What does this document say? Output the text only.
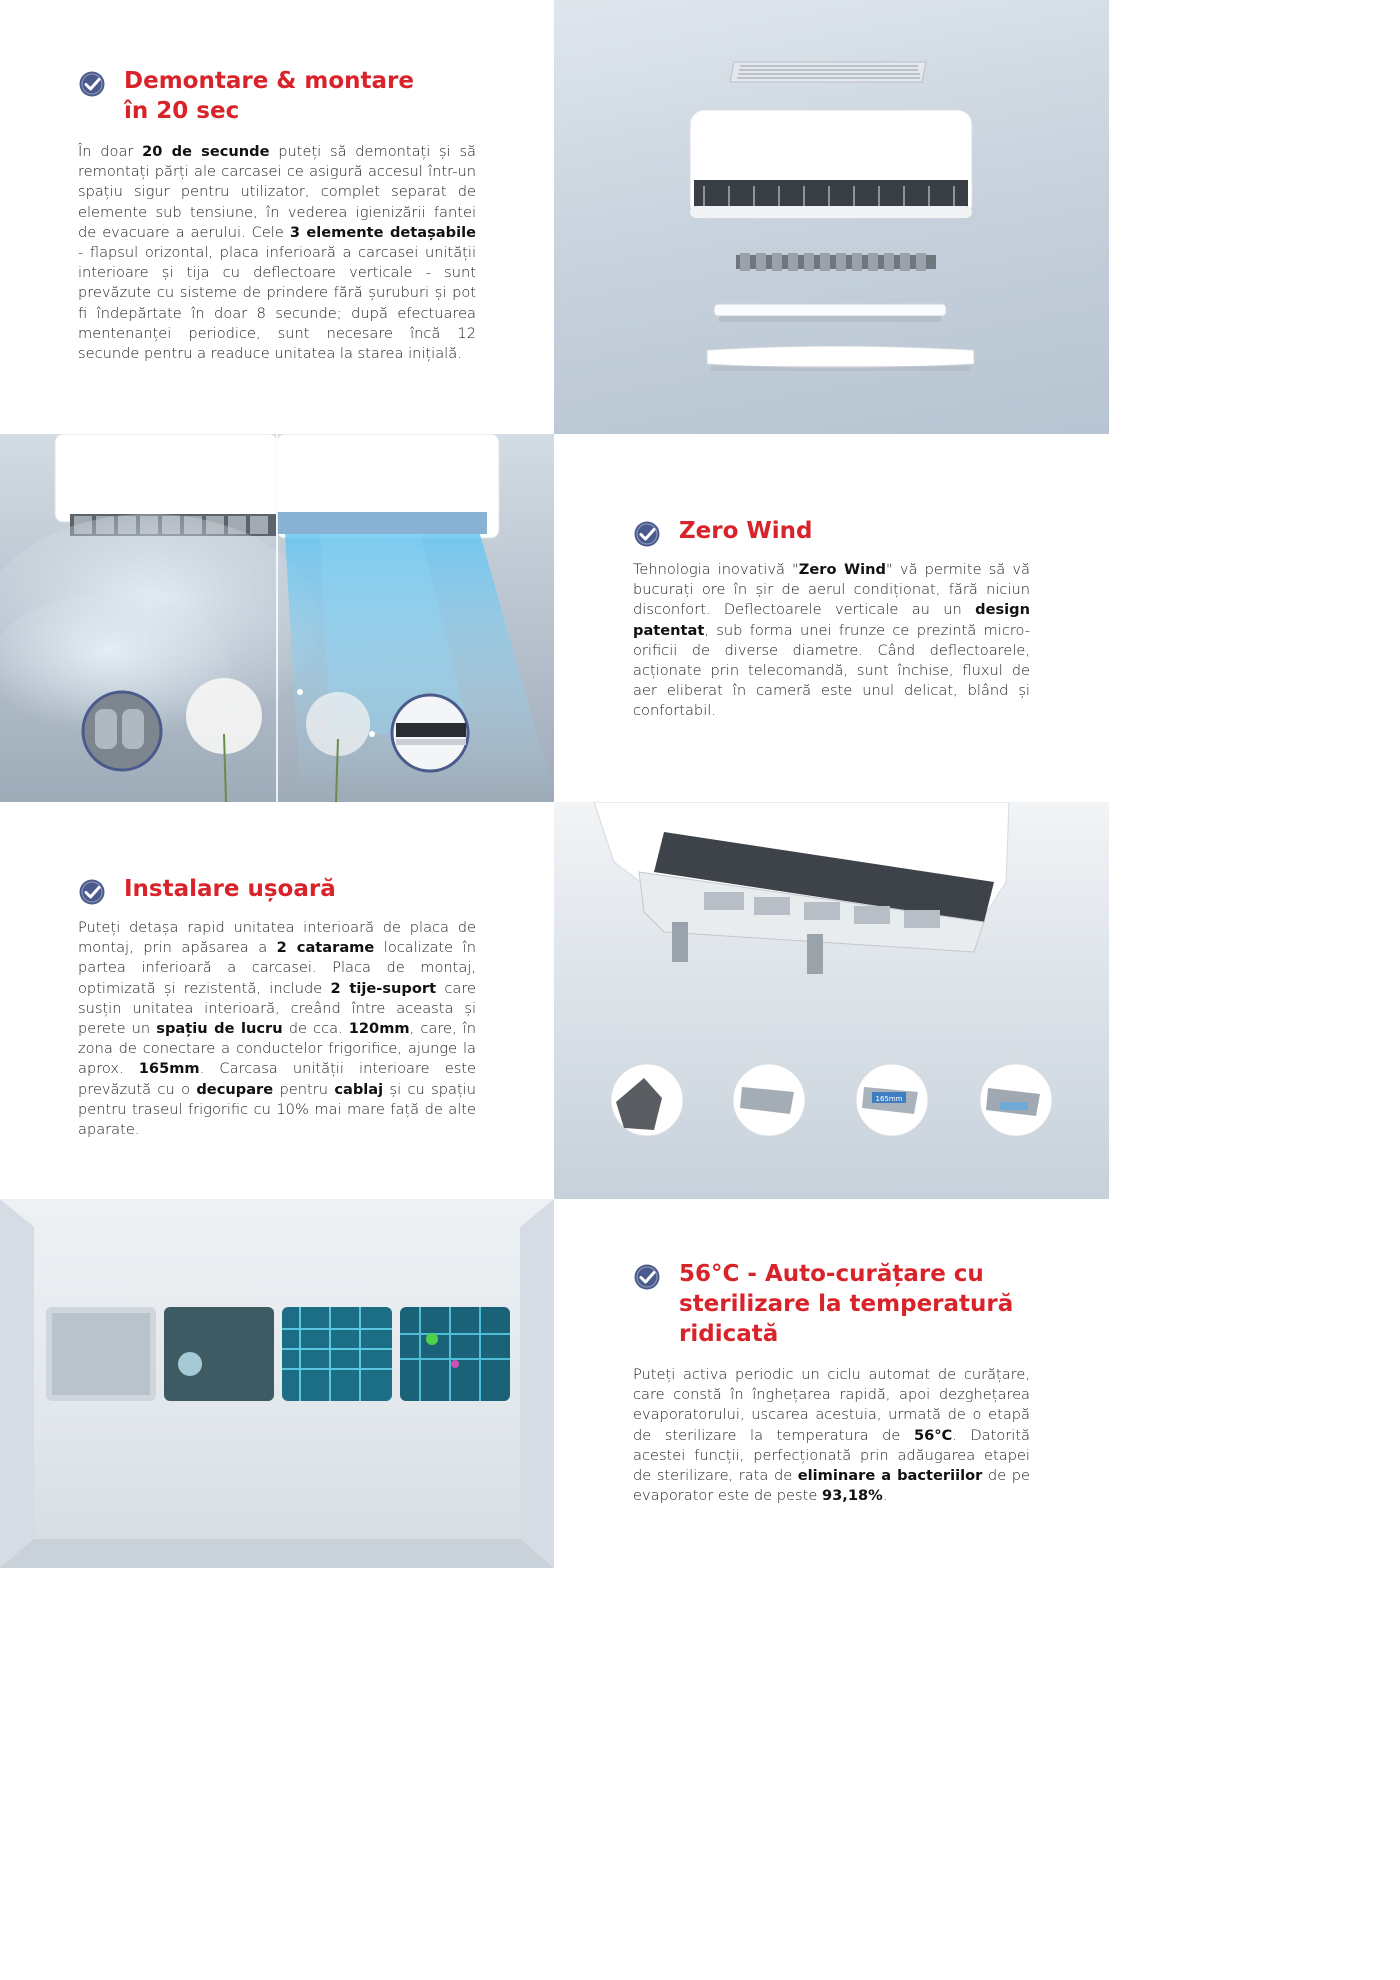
Demontare & montare
în 20 sec

În doar 20 de secunde puteți să demontați și să remontați părți ale carcasei ce asigură accesul într-un spațiu sigur pentru utilizator, complet separat de elemente sub tensiune, în vederea igienizării fantei de evacuare a aerului. Cele 3 elemente detașabile - flapsul orizontal, placa inferioară a carcasei unității interioare și tija cu deflectoare verticale - sunt prevăzute cu sisteme de prindere fără șuruburi și pot fi îndepărtate în doar 8 secunde; după efectuarea mentenanței periodice, sunt necesare încă 12 secunde pentru a readuce unitatea la starea inițială.

Zero Wind

Tehnologia inovativă "Zero Wind" vă permite să vă bucurați ore în șir de aerul condiționat, fără niciun disconfort. Deflectoarele verticale au un design patentat, sub forma unei frunze ce prezintă micro-orificii de diverse diametre. Când deflectoarele, acționate prin telecomandă, sunt închise, fluxul de aer eliberat în cameră este unul delicat, blând și confortabil.

Instalare ușoară

Puteți detașa rapid unitatea interioară de placa de montaj, prin apăsarea a 2 catarame localizate în partea inferioară a carcasei. Placa de montaj, optimizată și rezistentă, include 2 tije-suport care susțin unitatea interioară, creând între aceasta și perete un spațiu de lucru de cca. 120mm, care, în zona de conectare a conductelor frigorifice, ajunge la aprox. 165mm. Carcasa unității interioare este prevăzută cu o decupare pentru cablaj și cu spațiu pentru traseul frigorific cu 10% mai mare față de alte aparate.

165mm
56°C - Auto-curățare cu
sterilizare la temperatură
ridicată

Puteți activa periodic un ciclu automat de curățare, care constă în înghețarea rapidă, apoi dezghețarea evaporatorului, uscarea acestuia, urmată de o etapă de sterilizare la temperatura de 56°C. Datorită acestei funcții, perfecționată prin adăugarea etapei de sterilizare, rata de eliminare a bacteriilor de pe evaporator este de peste 93,18%.
